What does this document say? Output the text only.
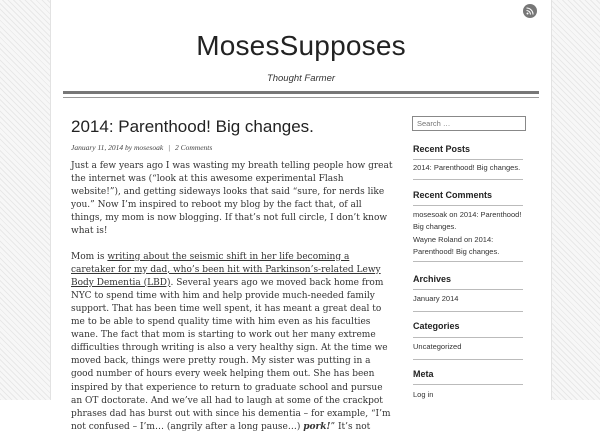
MosesSupposes
Thought Farmer
2014: Parenthood! Big changes.
January 11, 2014 by mosesoak | 2 Comments

Just a few years ago I was wasting my breath telling people how great the internet was (“look at this awesome experimental Flash website!”), and getting sideways looks that said “sure, for nerds like you.” Now I’m inspired to reboot my blog by the fact that, of all things, my mom is now blogging. If that’s not full circle, I don’t know what is!

Mom is writing about the seismic shift in her life becoming a caretaker for my dad, who’s been hit with Parkinson’s-related Lewy Body Dementia (LBD). Several years ago we moved back home from NYC to spend time with him and help provide much-needed family support. That has been time well spent, it has meant a great deal to me to be able to spend quality time with him even as his faculties wane. The fact that mom is starting to work out her many extreme difficulties through writing is also a very healthy sign. At the time we moved back, things were pretty rough. My sister was putting in a good number of hours every week helping them out. She has been inspired by that experience to return to graduate school and pursue an OT doctorate. And we’ve all had to laugh at some of the crackpot phrases dad has burst out with since his dementia – for example, “I’m not confused – I’m… (angrily after a long pause…) pork!” It’s not

Search …
Recent Posts
2014: Parenthood! Big changes.
Recent Comments
mosesoak on 2014: Parenthood! Big changes.
Wayne Roland on 2014: Parenthood! Big changes.
Archives
January 2014
Categories
Uncategorized
Meta
Log in
